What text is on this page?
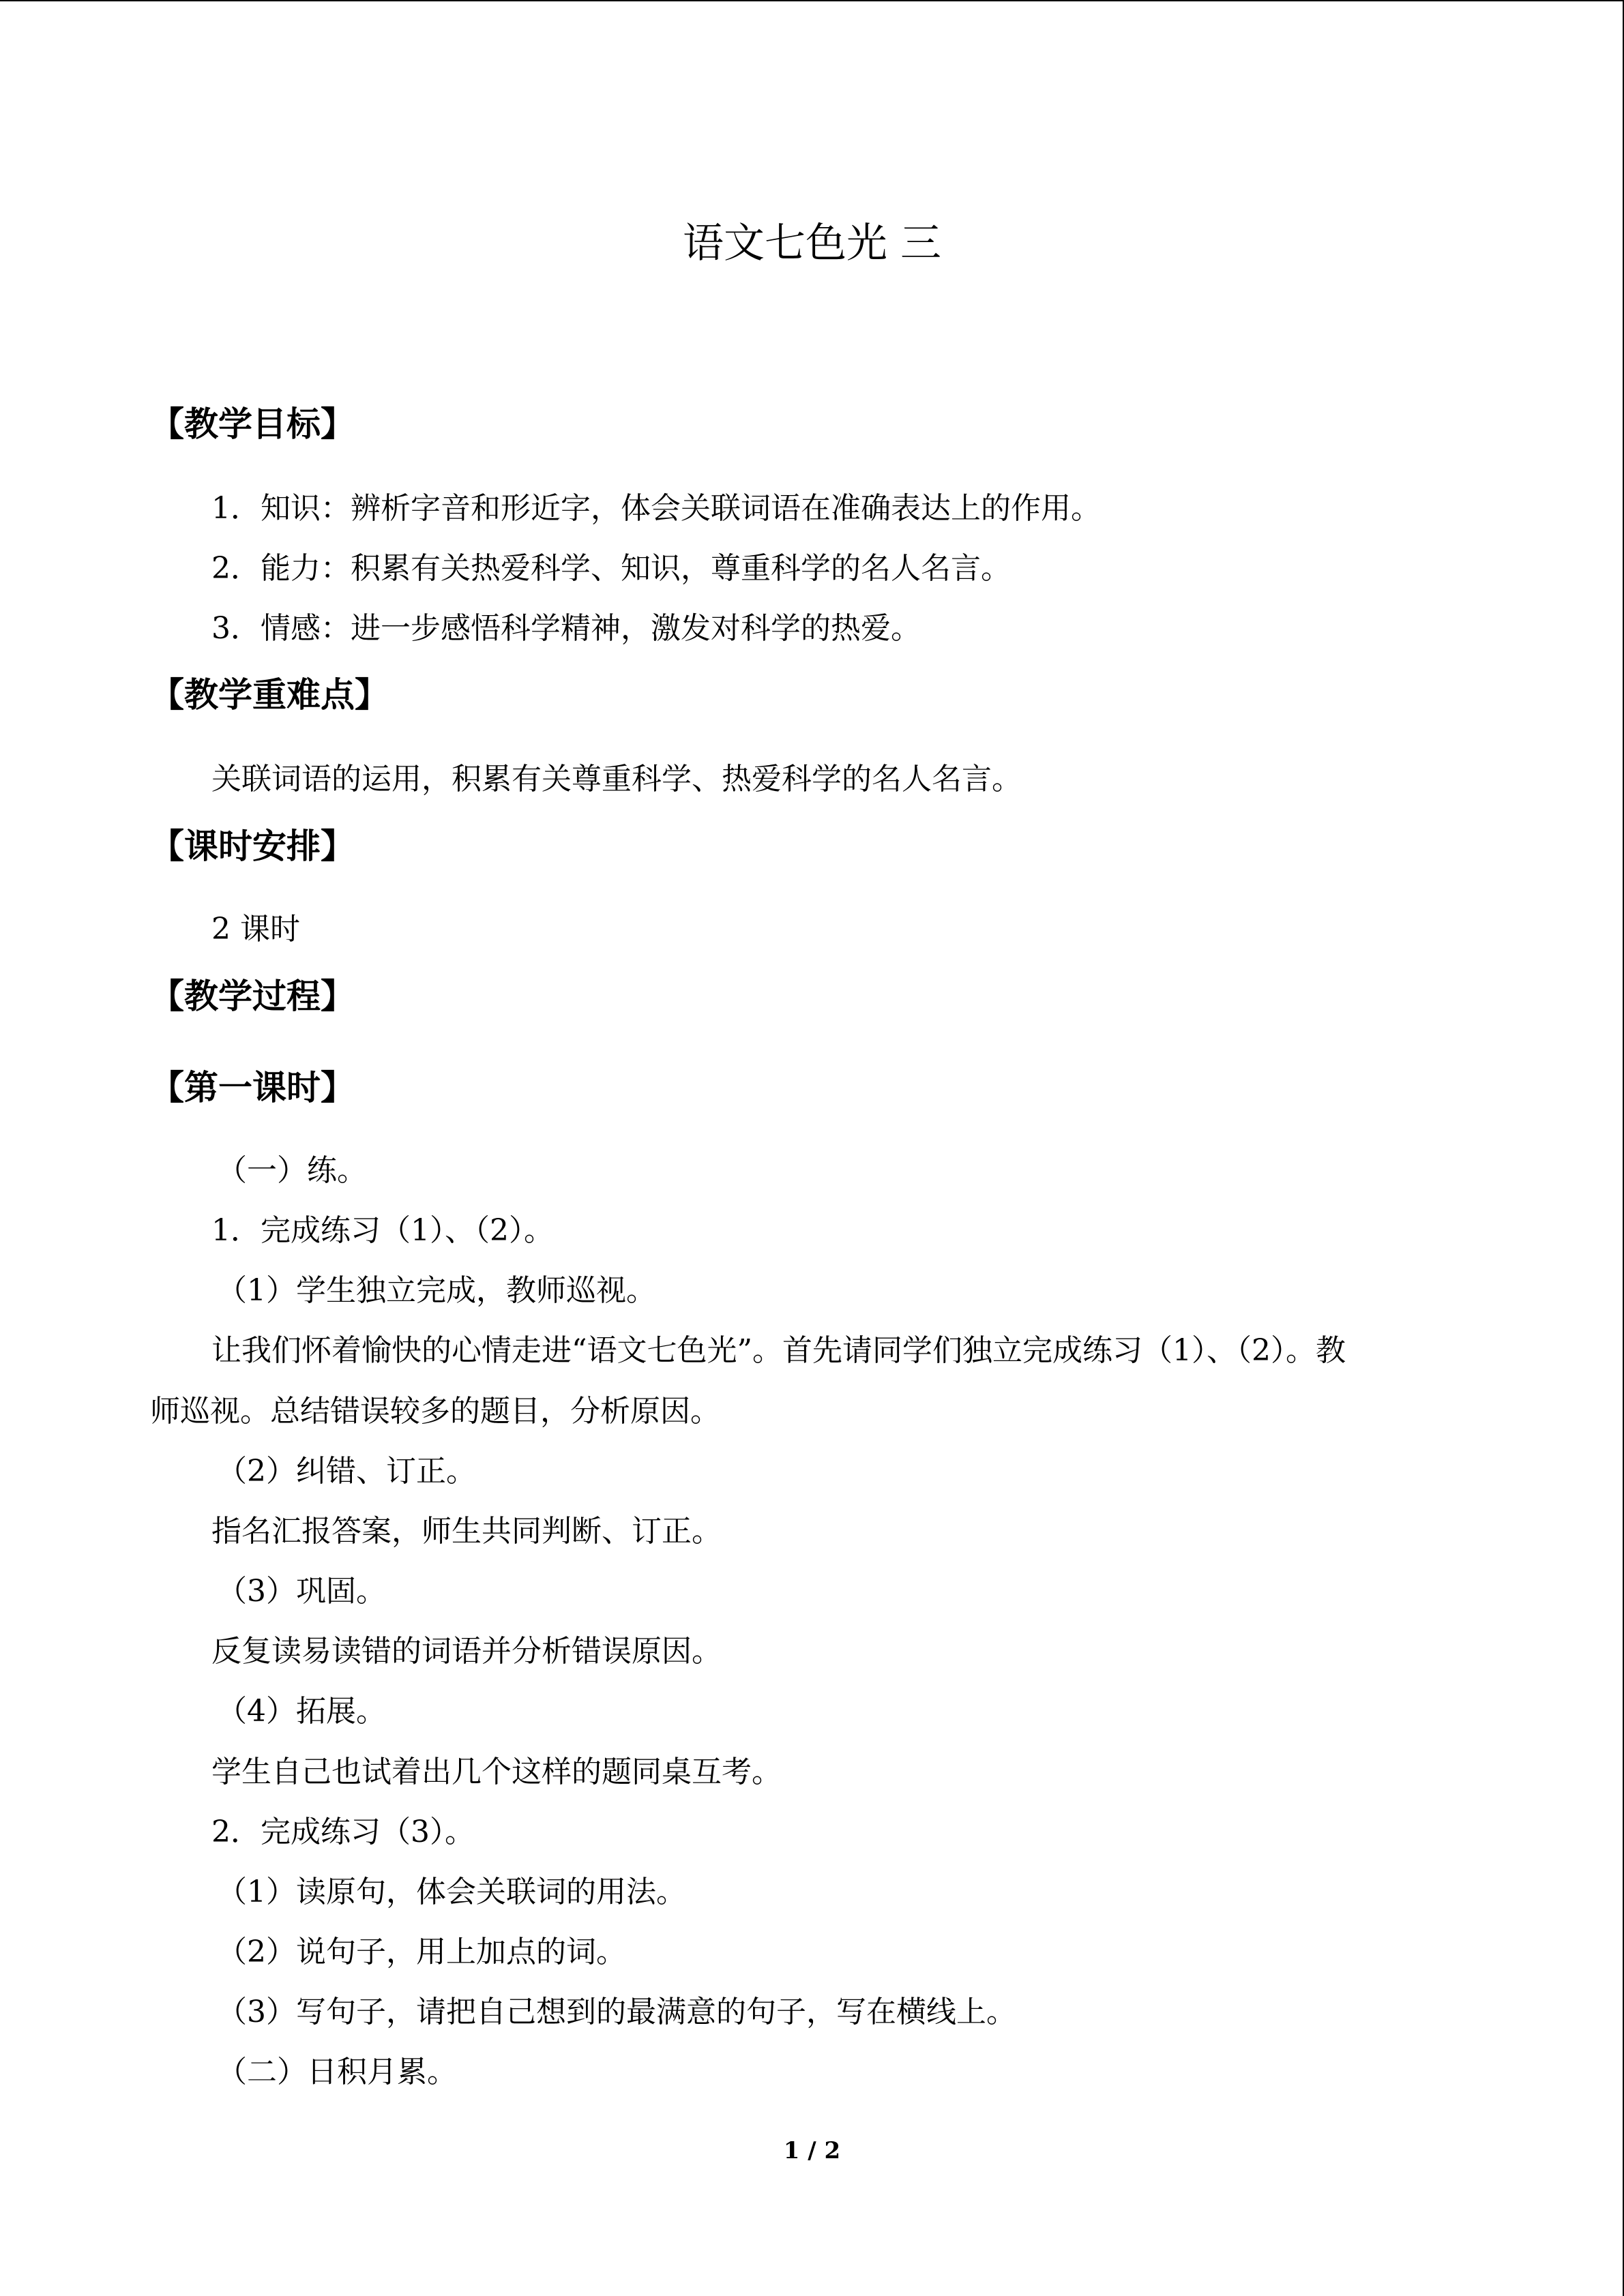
语文七色光 三
【教学目标】
1．知识：辨析字音和形近字，体会关联词语在准确表达上的作用。
2．能力：积累有关热爱科学、知识，尊重科学的名人名言。
3．情感：进一步感悟科学精神，激发对科学的热爱。
【教学重难点】
关联词语的运用，积累有关尊重科学、热爱科学的名人名言。
【课时安排】
2 课时
【教学过程】
【第一课时】
（一）练。
1．完成练习（1）、（2）。
（1）学生独立完成，教师巡视。
让我们怀着愉快的心情走进“语文七色光”。首先请同学们独立完成练习（1）、（2）。教
师巡视。总结错误较多的题目，分析原因。
（2）纠错、订正。
指名汇报答案，师生共同判断、订正。
（3）巩固。
反复读易读错的词语并分析错误原因。
（4）拓展。
学生自己也试着出几个这样的题同桌互考。
2．完成练习（3）。
（1）读原句，体会关联词的用法。
（2）说句子，用上加点的词。
（3）写句子，请把自己想到的最满意的句子，写在横线上。
（二）日积月累。
1 / 2
